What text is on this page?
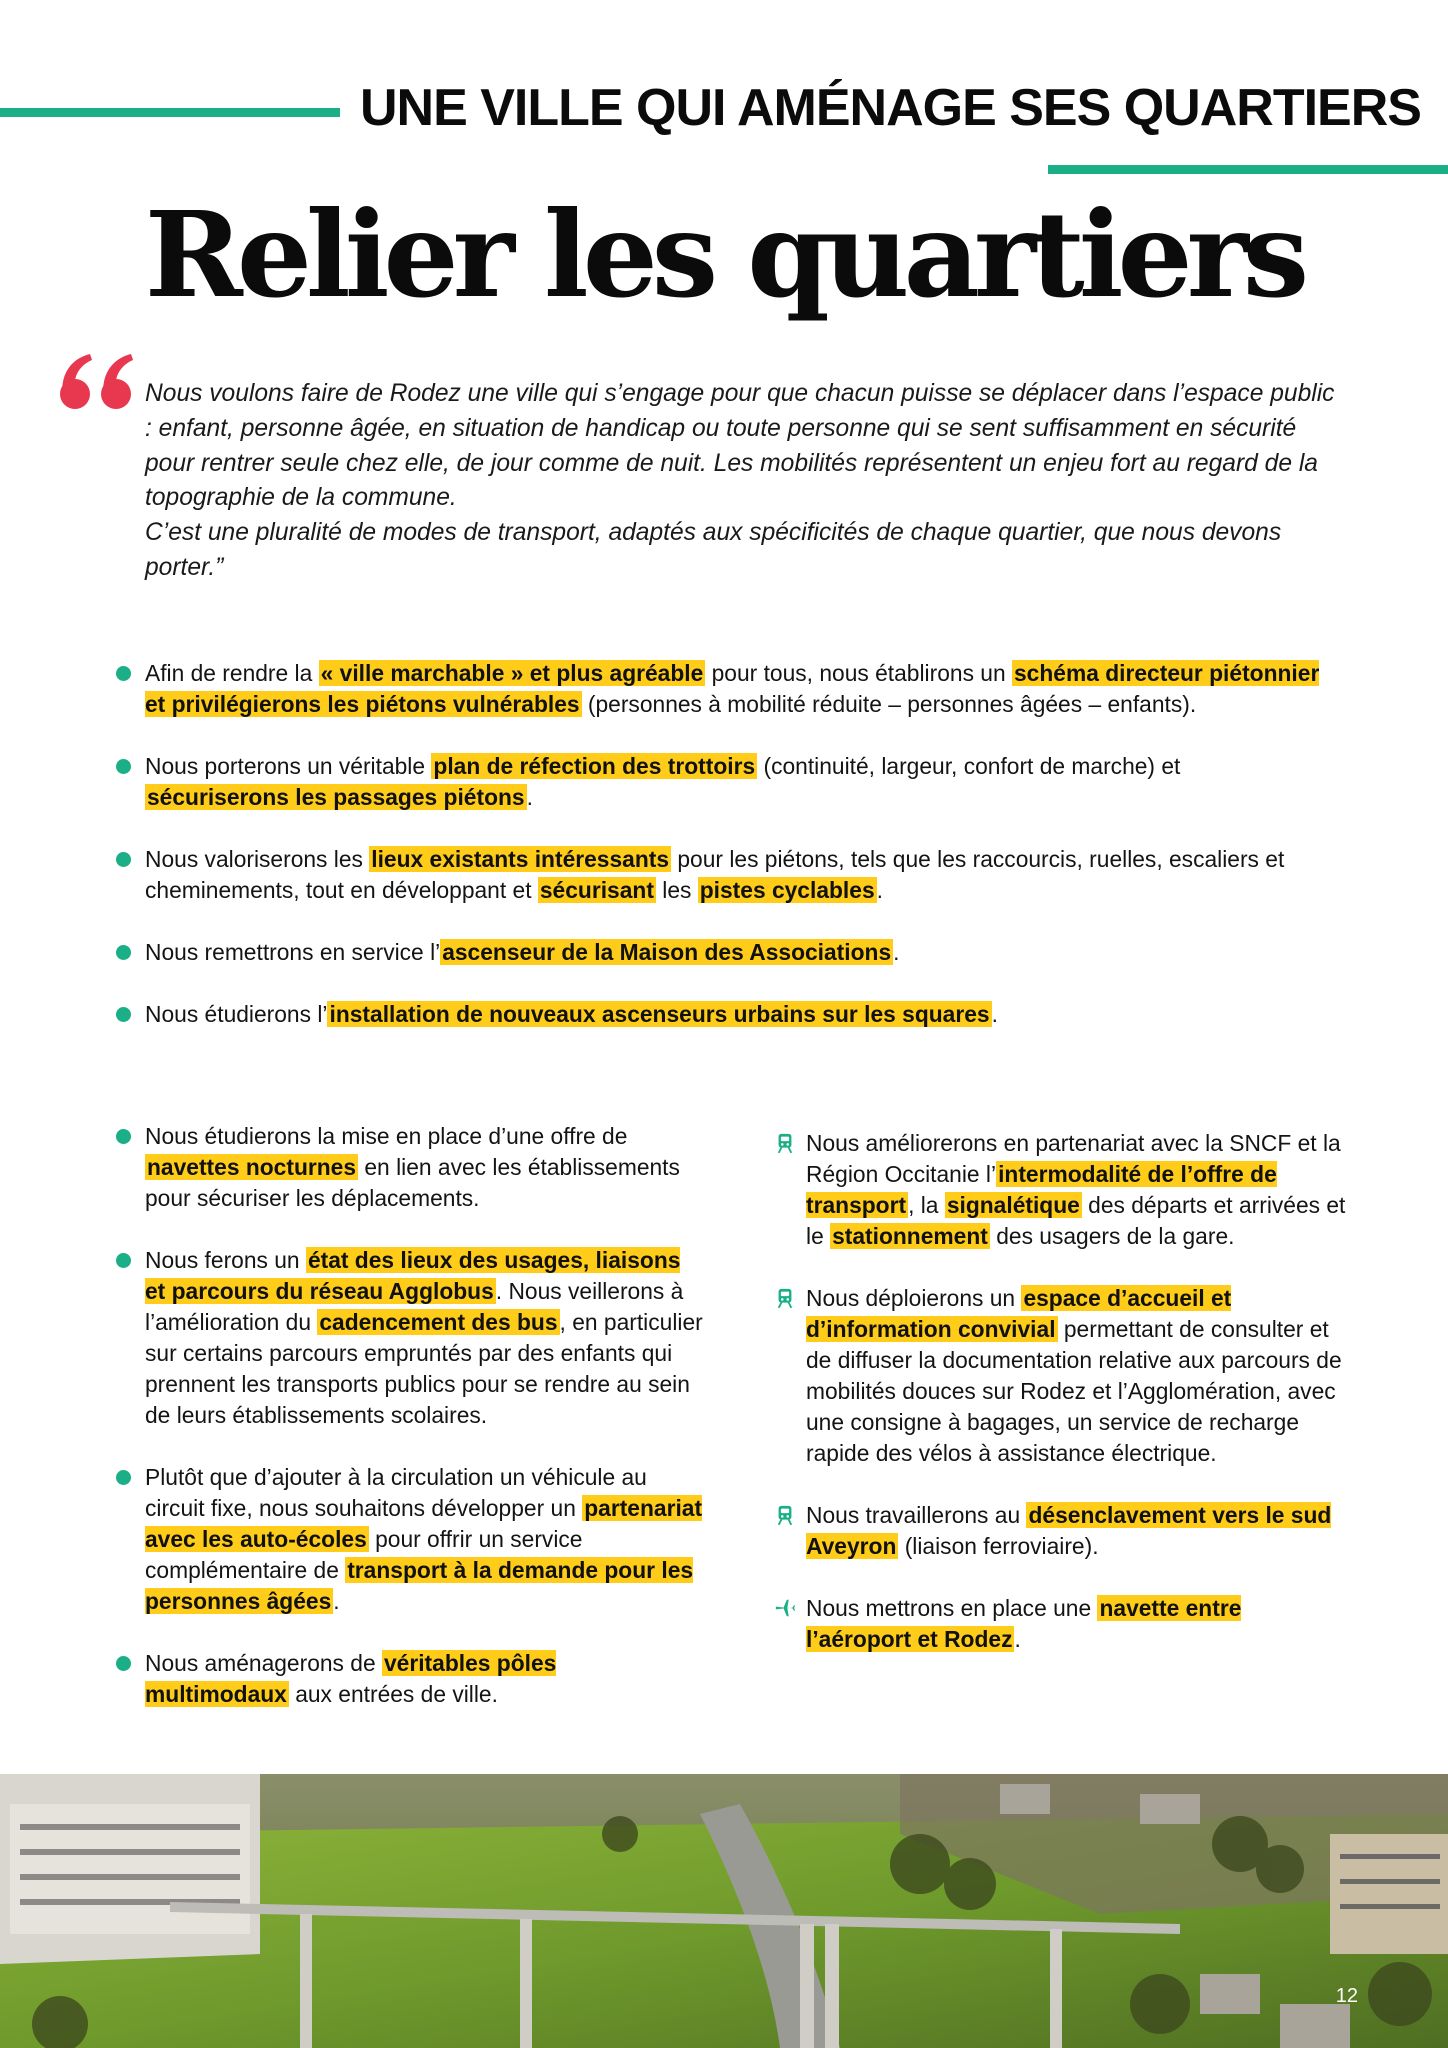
UNE VILLE QUI AMÉNAGE SES QUARTIERS
Relier les quartiers

Nous voulons faire de Rodez une ville qui s’engage pour que chacun puisse se déplacer dans l’espace public : enfant, personne âgée, en situation de handicap ou toute personne qui se sent suffisamment en sécurité pour rentrer seule chez elle, de jour comme de nuit. Les mobilités représentent un enjeu fort au regard de la topographie de la commune.

C’est une pluralité de modes de transport, adaptés aux spécificités de chaque quartier, que nous devons porter.”

Afin de rendre la « ville marchable » et plus agréable pour tous, nous établirons un schéma directeur piétonnier et privilégierons les piétons vulnérables (personnes à mobilité réduite – personnes âgées – enfants).
Nous porterons un véritable plan de réfection des trottoirs (continuité, largeur, confort de marche) et sécuriserons les passages piétons.
Nous valoriserons les lieux existants intéressants pour les piétons, tels que les raccourcis, ruelles, escaliers et cheminements, tout en développant et sécurisant les pistes cyclables.
Nous remettrons en service l’ascenseur de la Maison des Associations.
Nous étudierons l’installation de nouveaux ascenseurs urbains sur les squares.
Nous étudierons la mise en place d’une offre de navettes nocturnes en lien avec les établissements pour sécuriser les déplacements.
Nous ferons un état des lieux des usages, liaisons et parcours du réseau Agglobus. Nous veillerons à l’amélioration du cadencement des bus, en particulier sur certains parcours empruntés par des enfants qui prennent les transports publics pour se rendre au sein de leurs établissements scolaires.
Plutôt que d’ajouter à la circulation un véhicule au circuit fixe, nous souhaitons développer un partenariat avec les auto-écoles pour offrir un service complémentaire de transport à la demande pour les personnes âgées.
Nous aménagerons de véritables pôles multimodaux aux entrées de ville.
Nous améliorerons en partenariat avec la SNCF et la Région Occitanie l’intermodalité de l’offre de transport, la signalétique des départs et arrivées et le stationnement des usagers de la gare.
Nous déploierons un espace d’accueil et d’information convivial permettant de consulter et de diffuser la documentation relative aux parcours de mobilités douces sur Rodez et l’Agglomération, avec une consigne à bagages, un service de recharge rapide des vélos à assistance électrique.
Nous travaillerons au désenclavement vers le sud Aveyron (liaison ferroviaire).
Nous mettrons en place une navette entre l’aéroport et Rodez.
12
